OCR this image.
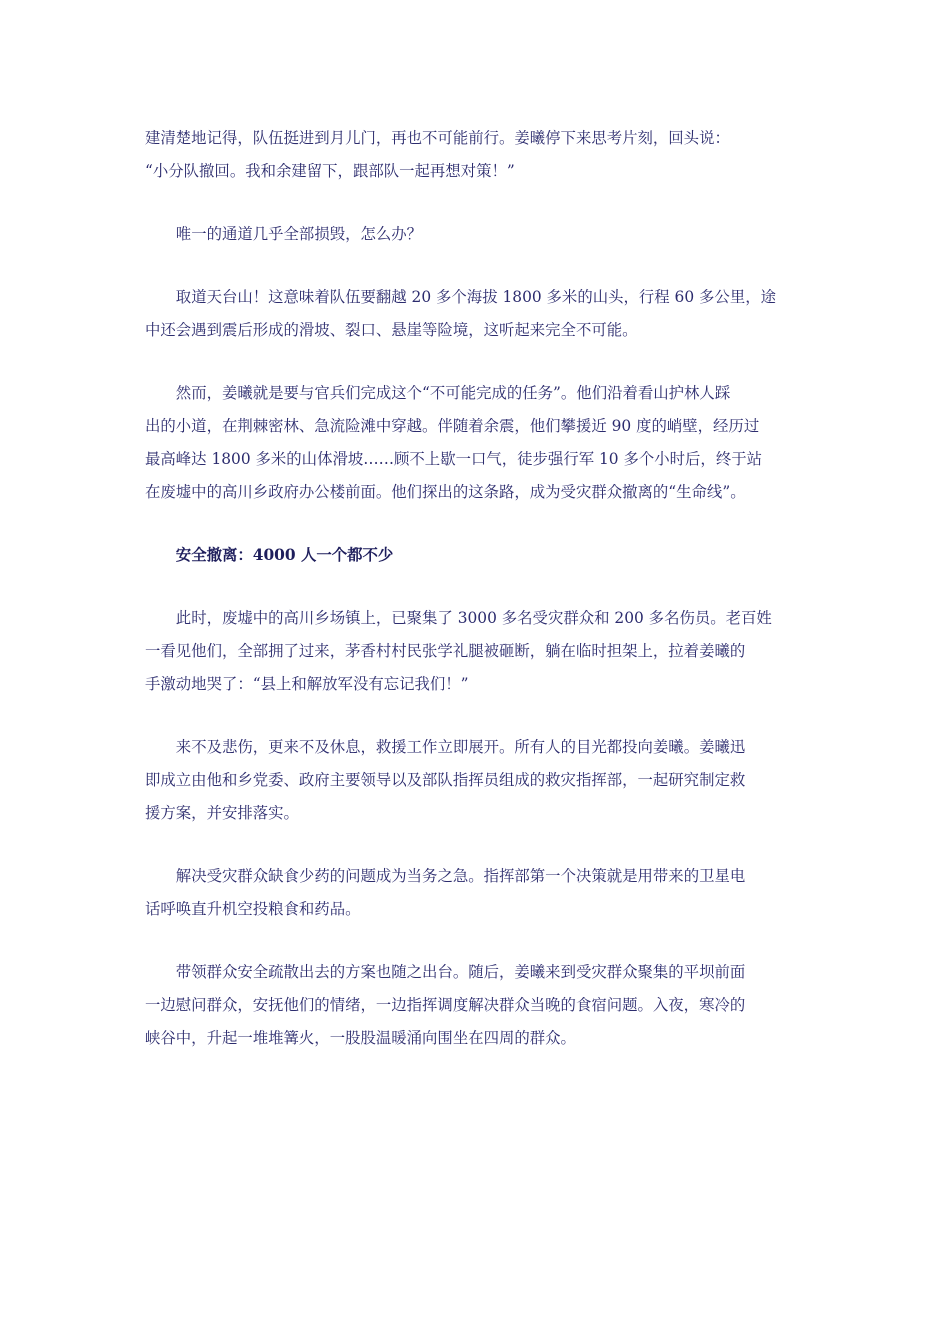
建清楚地记得，队伍挺进到月儿门，再也不可能前行。姜曦停下来思考片刻，回头说：
“小分队撤回。我和余建留下，跟部队一起再想对策！”

唯一的通道几乎全部损毁，怎么办？

取道天台山！这意味着队伍要翻越 20 多个海拔 1800 多米的山头，行程 60 多公里，途
中还会遇到震后形成的滑坡、裂口、悬崖等险境，这听起来完全不可能。

然而，姜曦就是要与官兵们完成这个“不可能完成的任务”。他们沿着看山护林人踩
出的小道，在荆棘密林、急流险滩中穿越。伴随着余震，他们攀援近 90 度的峭壁，经历过
最高峰达 1800 多米的山体滑坡……顾不上歇一口气，徒步强行军 10 多个小时后，终于站
在废墟中的高川乡政府办公楼前面。他们探出的这条路，成为受灾群众撤离的“生命线”。

安全撤离：4000 人一个都不少

此时，废墟中的高川乡场镇上，已聚集了 3000 多名受灾群众和 200 多名伤员。老百姓
一看见他们，全部拥了过来，茅香村村民张学礼腿被砸断，躺在临时担架上，拉着姜曦的
手激动地哭了：“县上和解放军没有忘记我们！”

来不及悲伤，更来不及休息，救援工作立即展开。所有人的目光都投向姜曦。姜曦迅
即成立由他和乡党委、政府主要领导以及部队指挥员组成的救灾指挥部，一起研究制定救
援方案，并安排落实。

解决受灾群众缺食少药的问题成为当务之急。指挥部第一个决策就是用带来的卫星电
话呼唤直升机空投粮食和药品。

带领群众安全疏散出去的方案也随之出台。随后，姜曦来到受灾群众聚集的平坝前面
一边慰问群众，安抚他们的情绪，一边指挥调度解决群众当晚的食宿问题。入夜，寒冷的
峡谷中，升起一堆堆篝火，一股股温暖涌向围坐在四周的群众。
